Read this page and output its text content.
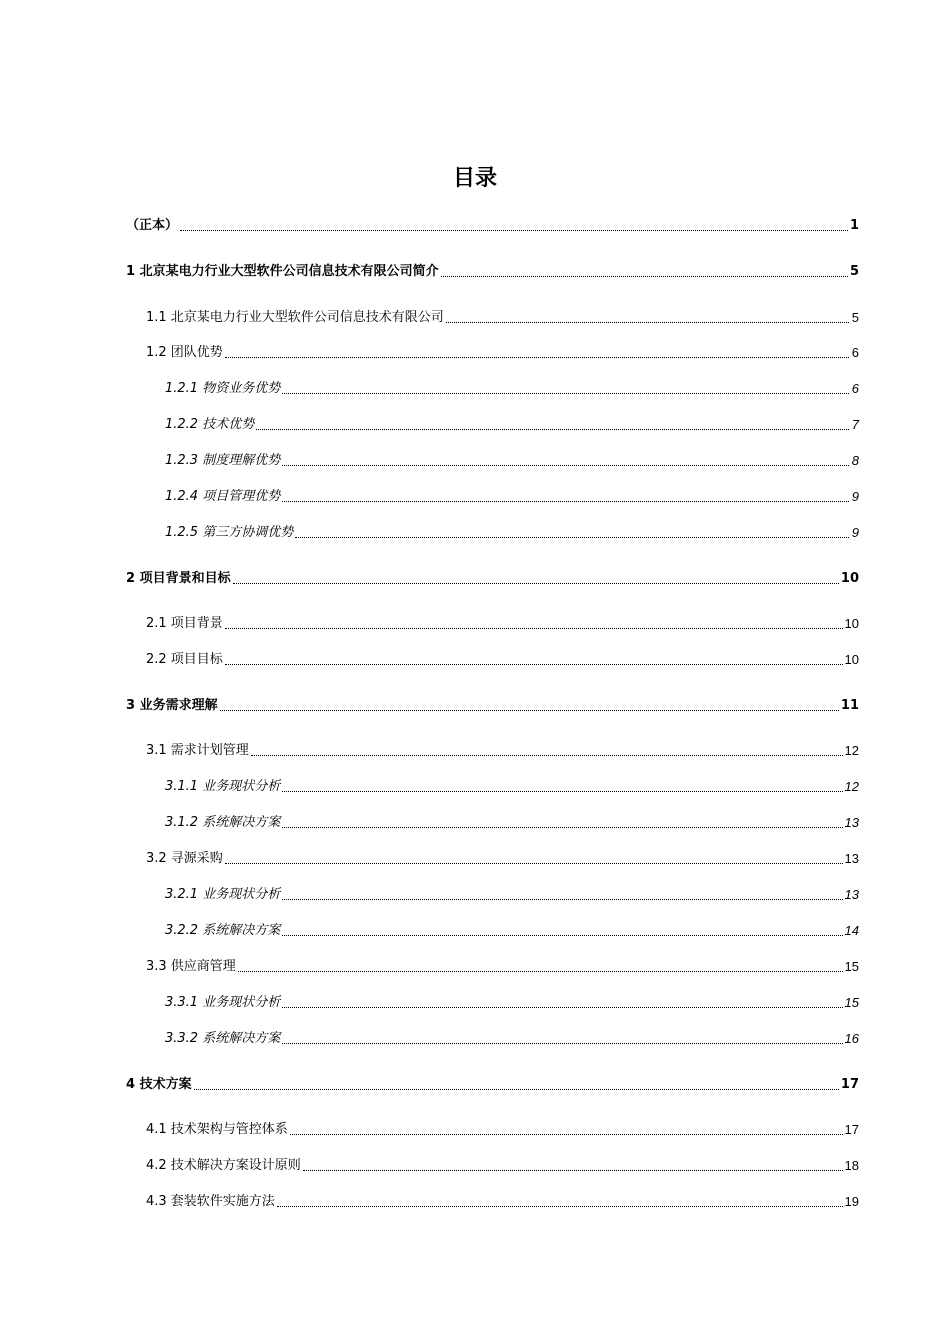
目录
（正本）	1
1 北京某电力行业大型软件公司信息技术有限公司简介	5
1.1 北京某电力行业大型软件公司信息技术有限公司	5
1.2 团队优势	6
1.2.1 物资业务优势	6
1.2.2 技术优势	7
1.2.3 制度理解优势	8
1.2.4 项目管理优势	9
1.2.5 第三方协调优势	9
2 项目背景和目标	10
2.1 项目背景	10
2.2 项目目标	10
3 业务需求理解	11
3.1 需求计划管理	12
3.1.1 业务现状分析	12
3.1.2 系统解决方案	13
3.2 寻源采购	13
3.2.1 业务现状分析	13
3.2.2 系统解决方案	14
3.3 供应商管理	15
3.3.1 业务现状分析	15
3.3.2 系统解决方案	16
4 技术方案	17
4.1 技术架构与管控体系	17
4.2 技术解决方案设计原则	18
4.3 套装软件实施方法	19
